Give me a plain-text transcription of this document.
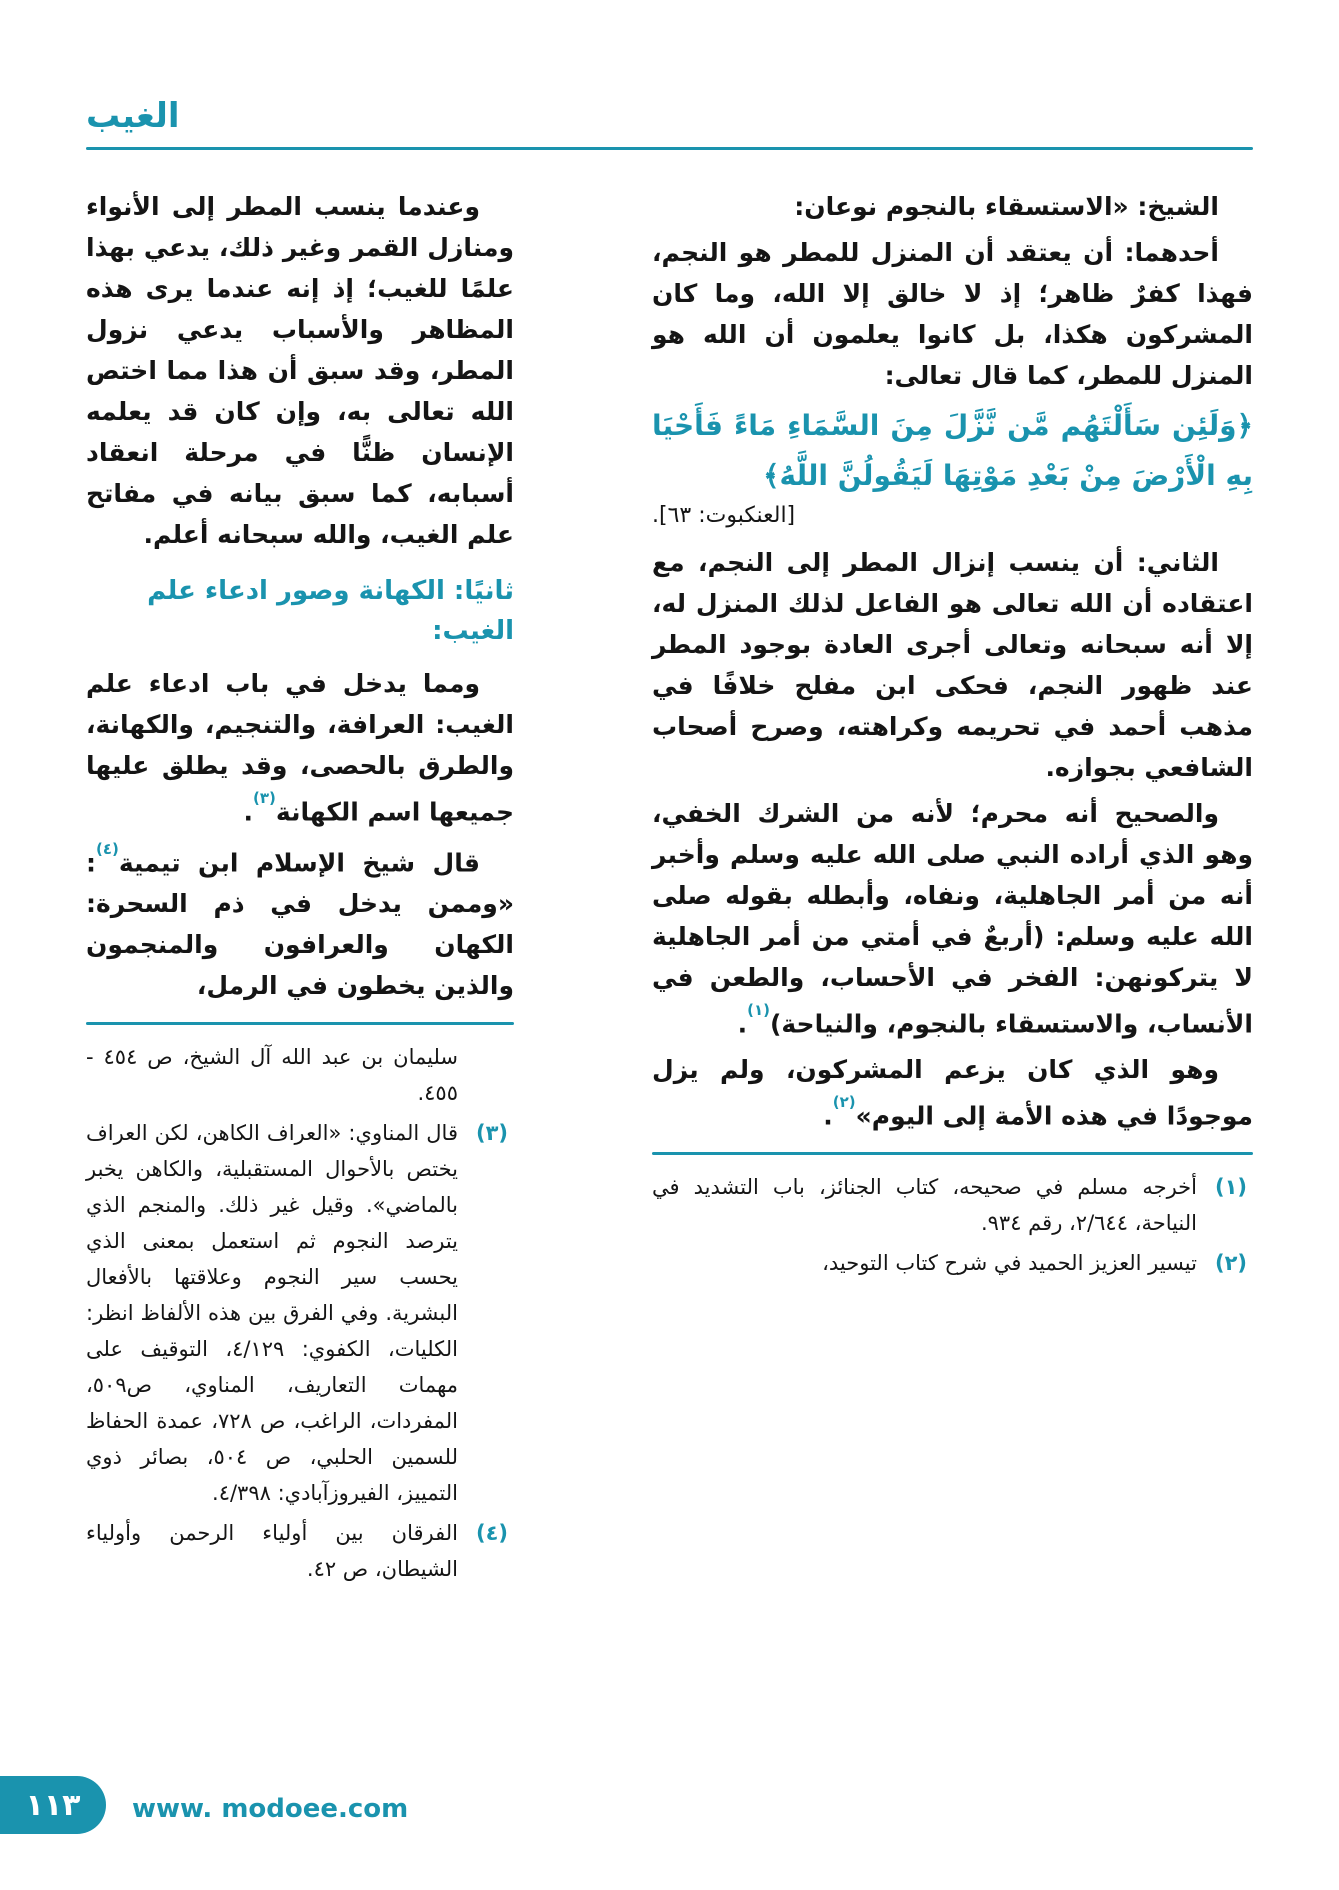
الغيب

الشيخ: «الاستسقاء بالنجوم نوعان:

أحدهما: أن يعتقد أن المنزل للمطر هو النجم، فهذا كفرٌ ظاهر؛ إذ لا خالق إلا الله، وما كان المشركون هكذا، بل كانوا يعلمون أن الله هو المنزل للمطر، كما قال تعالى:

﴿وَلَئِن سَأَلْتَهُم مَّن نَّزَّلَ مِنَ السَّمَاءِ مَاءً فَأَحْيَا بِهِ الْأَرْضَ مِنْ بَعْدِ مَوْتِهَا لَيَقُولُنَّ اللَّهُ﴾
[العنكبوت: ٦٣].

الثاني: أن ينسب إنزال المطر إلى النجم، مع اعتقاده أن الله تعالى هو الفاعل لذلك المنزل له، إلا أنه سبحانه وتعالى أجرى العادة بوجود المطر عند ظهور النجم، فحكى ابن مفلح خلافًا في مذهب أحمد في تحريمه وكراهته، وصرح أصحاب الشافعي بجوازه.

والصحيح أنه محرم؛ لأنه من الشرك الخفي، وهو الذي أراده النبي صلى الله عليه وسلم وأخبر أنه من أمر الجاهلية، ونفاه، وأبطله بقوله صلى الله عليه وسلم: (أربعٌ في أمتي من أمر الجاهلية لا يتركونهن: الفخر في الأحساب، والطعن في الأنساب، والاستسقاء بالنجوم، والنياحة)$^{(١)}$.

وهو الذي كان يزعم المشركون، ولم يزل موجودًا في هذه الأمة إلى اليوم»$^{(٢)}$.

(١)
أخرجه مسلم في صحيحه، كتاب الجنائز، باب التشديد في النياحة، ٢/٦٤٤، رقم ٩٣٤.
(٢)
تيسير العزيز الحميد في شرح كتاب التوحيد،

وعندما ينسب المطر إلى الأنواء ومنازل القمر وغير ذلك، يدعي بهذا علمًا للغيب؛ إذ إنه عندما يرى هذه المظاهر والأسباب يدعي نزول المطر، وقد سبق أن هذا مما اختص الله تعالى به، وإن كان قد يعلمه الإنسان ظنًّا في مرحلة انعقاد أسبابه، كما سبق بيانه في مفاتح علم الغيب، والله سبحانه أعلم.

ثانيًا: الكهانة وصور ادعاء علم الغيب:

ومما يدخل في باب ادعاء علم الغيب: العرافة، والتنجيم، والكهانة، والطرق بالحصى، وقد يطلق عليها جميعها اسم الكهانة$^{(٣)}$.

قال شيخ الإسلام ابن تيمية$^{(٤)}$: «وممن يدخل في ذم السحرة: الكهان والعرافون والمنجمون والذين يخطون في الرمل،

سليمان بن عبد الله آل الشيخ، ص ٤٥٤ - ٤٥٥.
(٣)
قال المناوي: «العراف الكاهن، لكن العراف يختص بالأحوال المستقبلية، والكاهن يخبر بالماضي». وقيل غير ذلك. والمنجم الذي يترصد النجوم ثم استعمل بمعنى الذي يحسب سير النجوم وعلاقتها بالأفعال البشرية. وفي الفرق بين هذه الألفاظ انظر: الكليات، الكفوي: ٤/١٢٩، التوقيف على مهمات التعاريف، المناوي، ص٥٠٩، المفردات، الراغب، ص ٧٢٨، عمدة الحفاظ للسمين الحلبي، ص ٥٠٤، بصائر ذوي التمييز، الفيروزآبادي: ٤/٣٩٨.
(٤)
الفرقان بين أولياء الرحمن وأولياء الشيطان، ص ٤٢.
١١٣ www. modoee.com
